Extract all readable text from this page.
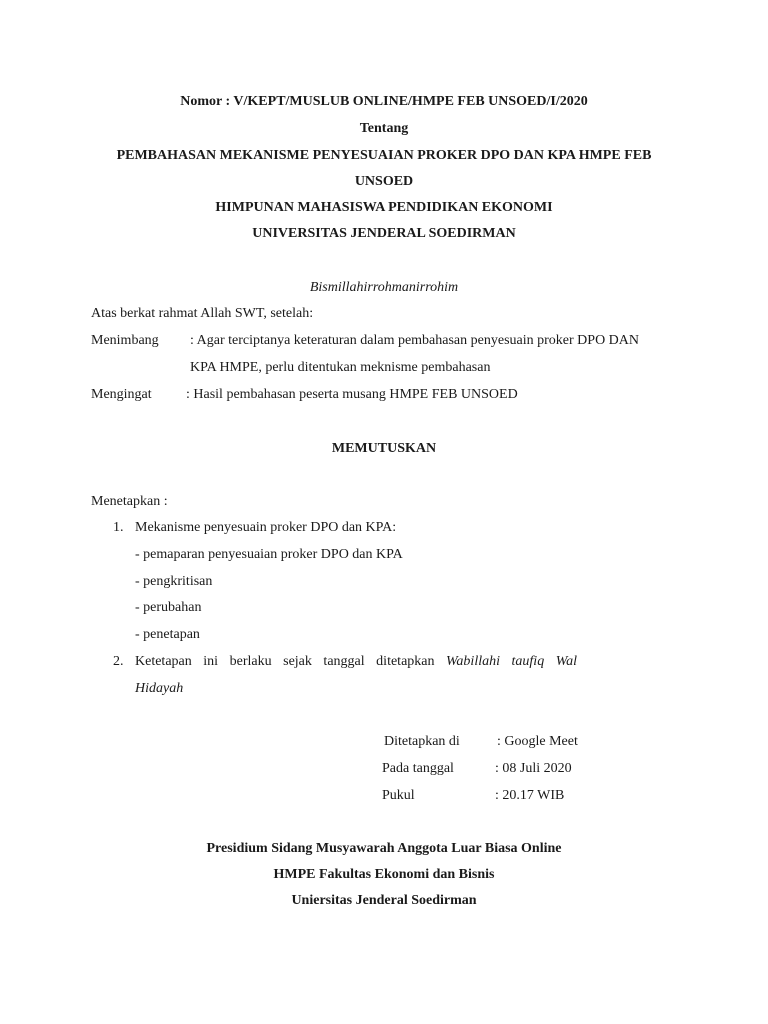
Nomor : V/KEPT/MUSLUB ONLINE/HMPE FEB UNSOED/I/2020
Tentang
PEMBAHASAN MEKANISME PENYESUAIAN PROKER DPO DAN KPA HMPE FEB
UNSOED
HIMPUNAN MAHASISWA PENDIDIKAN EKONOMI
UNIVERSITAS JENDERAL SOEDIRMAN
Bismillahirrohmanirrohim
Atas berkat rahmat Allah SWT, setelah:
Menimbang : Agar terciptanya keteraturan dalam pembahasan penyesuain proker DPO DAN
KPA HMPE, perlu ditentukan meknisme pembahasan
Mengingat : Hasil pembahasan peserta musang HMPE FEB UNSOED
MEMUTUSKAN
Menetapkan :
1. Mekanisme penyesuain proker DPO dan KPA:
- pemaparan penyesuaian proker DPO dan KPA
- pengkritisan
- perubahan
- penetapan
2. Ketetapan ini berlaku sejak tanggal ditetapkan Wabillahi taufiq Wal
Hidayah
Ditetapkan di	: Google Meet
Pada tanggal	: 08 Juli 2020
Pukul	: 20.17 WIB
Presidium Sidang Musyawarah Anggota Luar Biasa Online
HMPE Fakultas Ekonomi dan Bisnis
Uniersitas Jenderal Soedirman
